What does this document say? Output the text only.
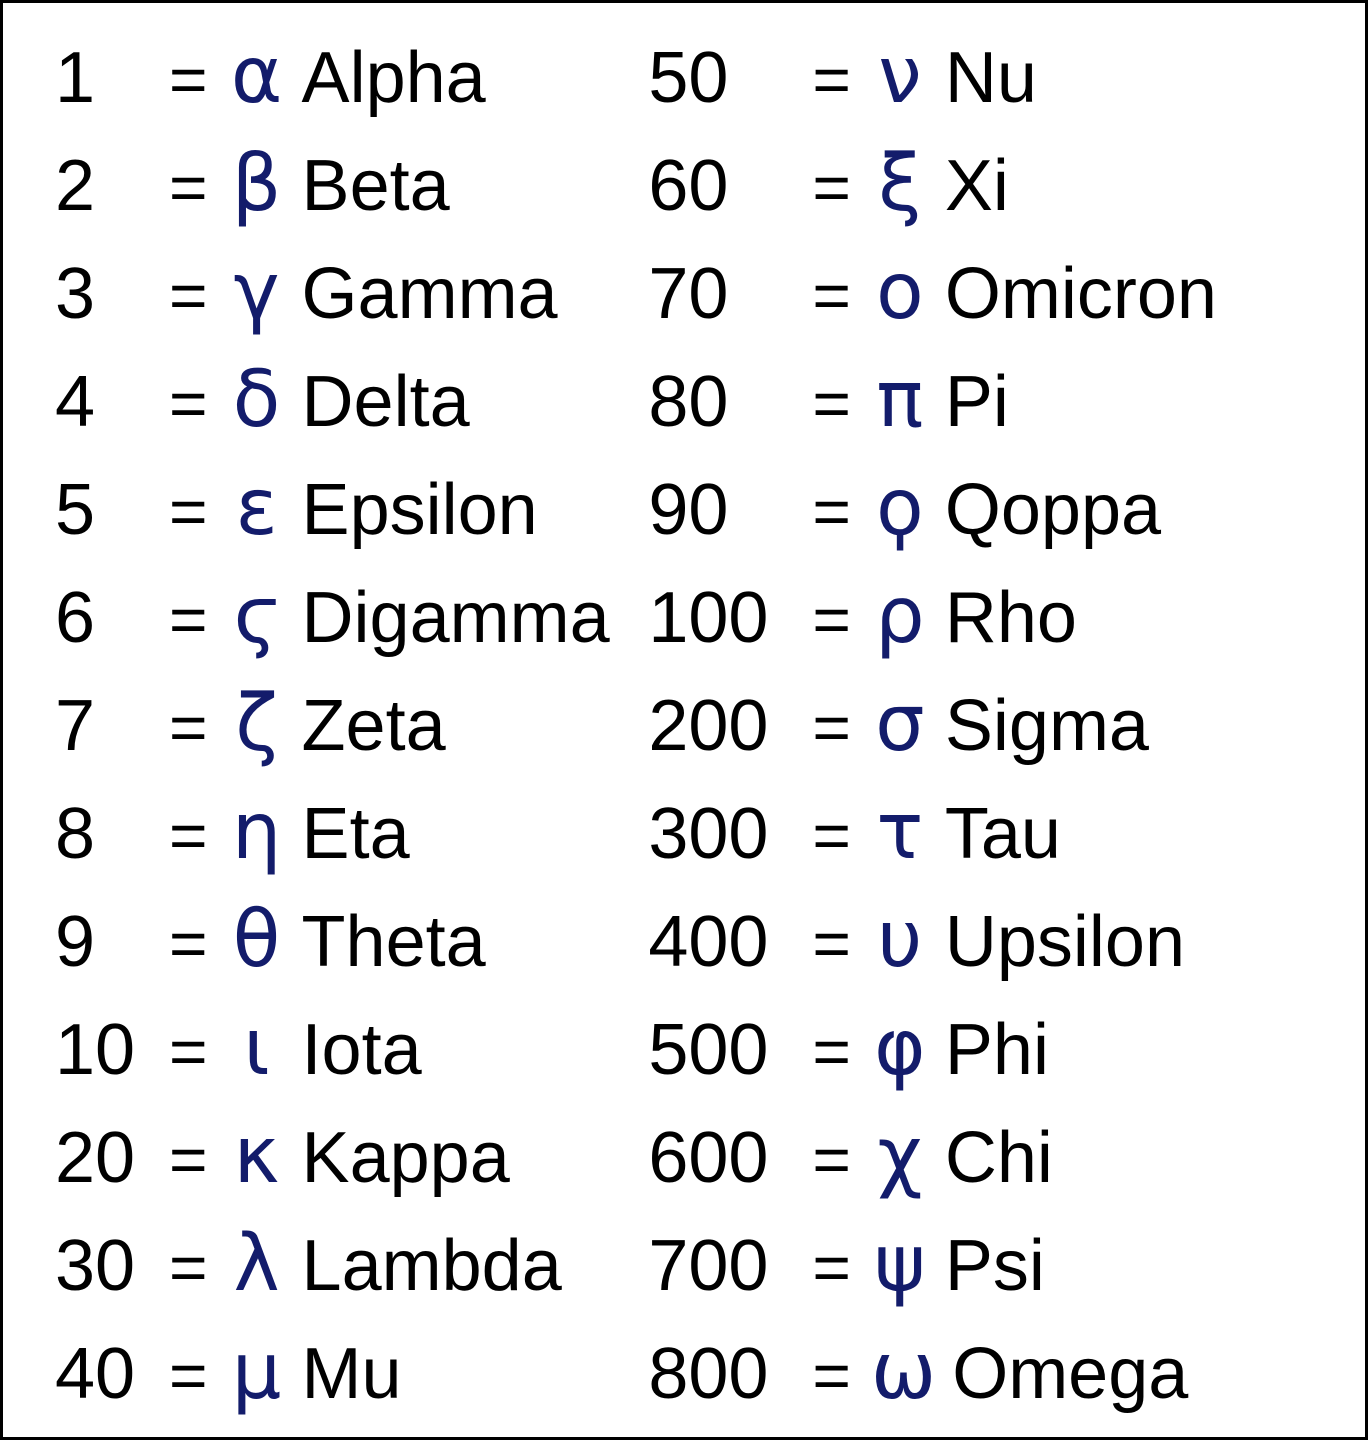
1	= α Alpha
2	= β Beta
3	= γ Gamma
4	= δ Delta
5	= ε Epsilon
6	= ϛ Digamma
7	= ζ Zeta
8	= η Eta
9	= θ Theta
10 = ι Iota
20 = κ Kappa
30 = λ Lambda
40 = μ Mu
50	= ν Nu
60	= ξ Xi
70	= ο Omicron
80	= π Pi
90	= ϙ Qoppa
100 = ρ Rho
200 = σ Sigma
300 = τ Tau
400 = υ Upsilon
500 = φ Phi
600 = χ Chi
700 = ψ Psi
800 = ω Omega
